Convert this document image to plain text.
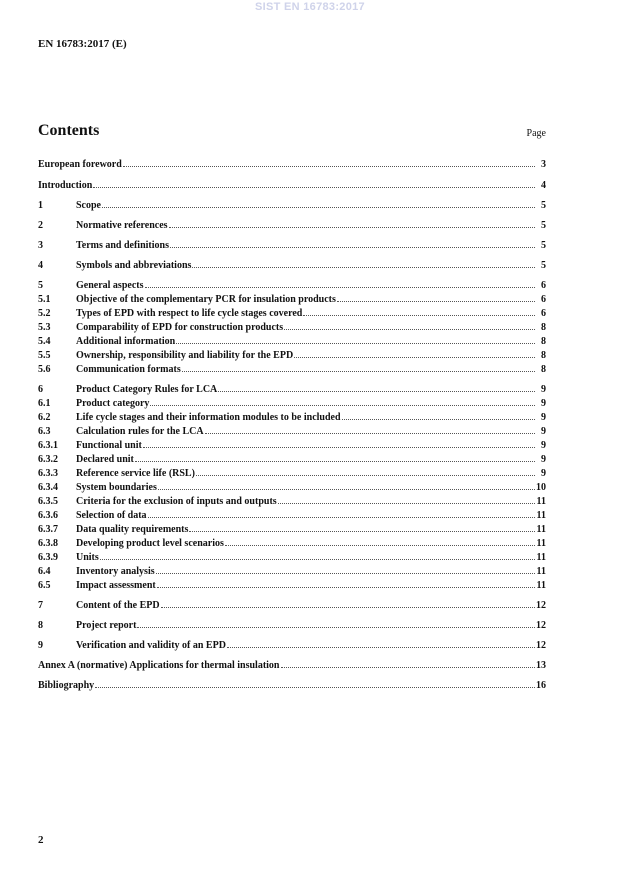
SIST EN 16783:2017
EN 16783:2017 (E)
Contents	Page
European foreword	3
Introduction	4
1	Scope	5
2	Normative references	5
3	Terms and definitions	5
4	Symbols and abbreviations	5
5	General aspects	6
5.1	Objective of the complementary PCR for insulation products	6
5.2	Types of EPD with respect to life cycle stages covered	6
5.3	Comparability of EPD for construction products	8
5.4	Additional information	8
5.5	Ownership, responsibility and liability for the EPD	8
5.6	Communication formats	8
6	Product Category Rules for LCA	9
6.1	Product category	9
6.2	Life cycle stages and their information modules to be included	9
6.3	Calculation rules for the LCA	9
6.3.1	Functional unit	9
6.3.2	Declared unit	9
6.3.3	Reference service life (RSL)	9
6.3.4	System boundaries	10
6.3.5	Criteria for the exclusion of inputs and outputs	11
6.3.6	Selection of data	11
6.3.7	Data quality requirements	11
6.3.8	Developing product level scenarios	11
6.3.9	Units	11
6.4	Inventory analysis	11
6.5	Impact assessment	11
7	Content of the EPD	12
8	Project report	12
9	Verification and validity of an EPD	12
Annex A (normative) Applications for thermal insulation	13
Bibliography	16
2
